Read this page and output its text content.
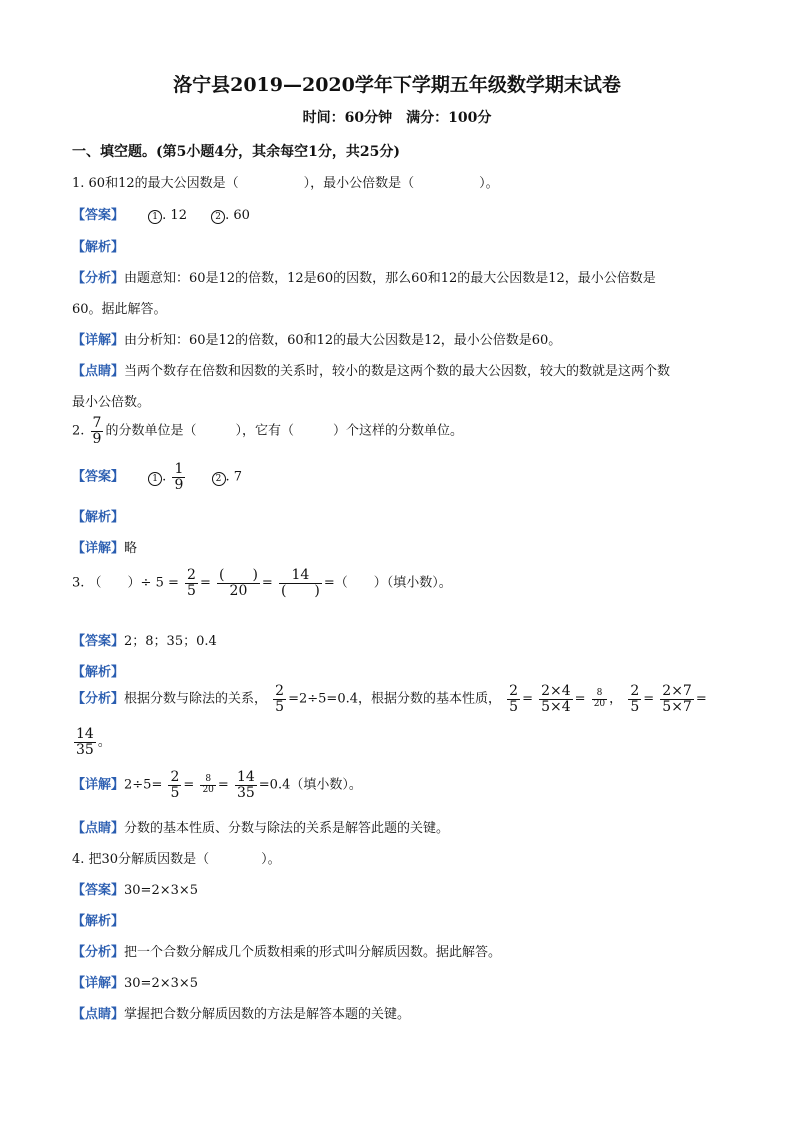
洛宁县2019—2020学年下学期五年级数学期末试卷
时间：60分钟　满分：100分
一、填空题。(第5小题4分，其余每空1分，共25分)
1. 60和12的最大公因数是（　　　　　），最小公倍数是（　　　　　）。
【答案】	1 . 12	2 . 60
【解析】
【分析】由题意知：60是12的倍数，12是60的因数，那么60和12的最大公因数是12，最小公倍数是
60。据此解答。
【详解】由分析知：60是12的倍数，60和12的最大公因数是12，最小公倍数是60。
【点睛】当两个数存在倍数和因数的关系时，较小的数是这两个数的最大公因数，较大的数就是这两个数
最小公倍数。
2. $\frac{7}{9}$ 的分数单位是（　　　），它有（　　　）个这样的分数单位。
【答案】	1 . $\frac{1}{9}$	2 . 7
【解析】
【详解】略
3. （　　）÷ $5 = \frac{2}{5} = \frac{( )}{20} = \frac{14}{( )}$ =（　　）（填小数）。
【答案】2；8；35；0.4
【解析】
【分析】根据分数与除法的关系， $\frac{2}{5} =2\div 5=0.4$，根据分数的基本性质， $\frac{2}{5} = \frac{2\times 4}{5\times 4} = \frac{8}{20}$ ， $\frac{2}{5} = \frac{2\times 7}{5\times 7}$ =
$\frac{14}{35}$ 。
【详解】$2\div 5= \frac{2}{5} = \frac{8}{20} = \frac{14}{35} =0.4$（填小数）。
【点睛】分数的基本性质、分数与除法的关系是解答此题的关键。
4. 把30分解质因数是（　　　　）。
【答案】30=2×3×5
【解析】
【分析】把一个合数分解成几个质数相乘的形式叫分解质因数。据此解答。
【详解】30=2×3×5
【点睛】掌握把合数分解质因数的方法是解答本题的关键。
